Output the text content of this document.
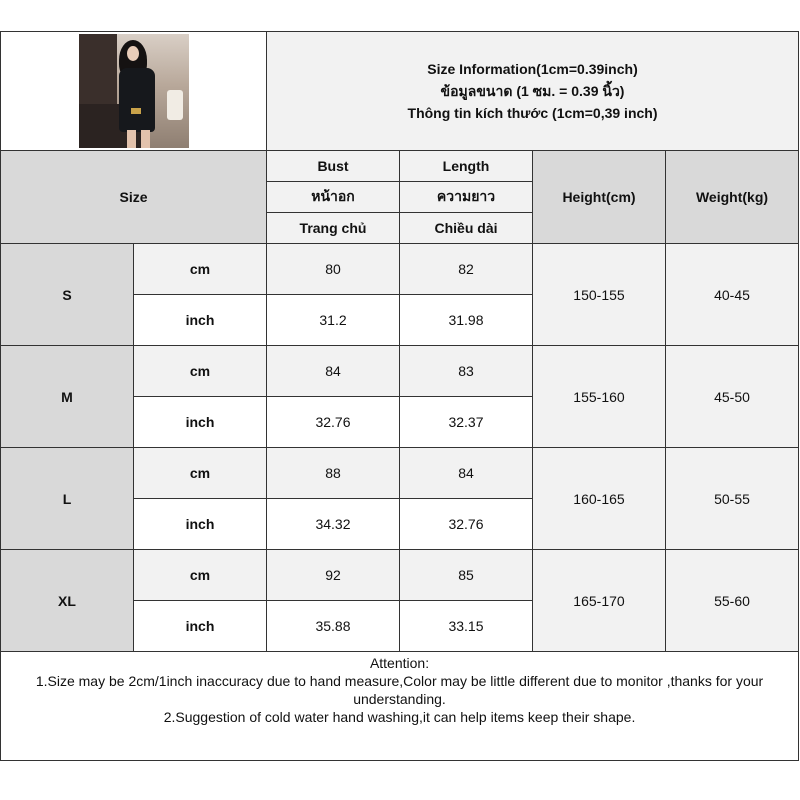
		Size Information(1cm=0.39inch)
ข้อมูลขนาด (1 ซม. = 0.39 นิ้ว)
Thông tin kích thước (1cm=0,39 inch)			

Size		Bust	Length	Height(cm)	Weight(kg)
		หน้าอก	ความยาว		
		Trang chủ	Chiều dài		
S	cm	80	82	150-155	40-45
	inch	31.2	31.98		
M	cm	84	83	155-160	45-50
	inch	32.76	32.37		
L	cm	88	84	160-165	50-55
	inch	34.32	32.76		
XL	cm	92	85	165-170	55-60
	inch	35.88	33.15		

Attention:
1.Size may be 2cm/1inch inaccuracy due to hand measure,Color may be little different due to monitor ,thanks for your understanding.
2.Suggestion of cold water hand washing,it can help items keep their shape.					
